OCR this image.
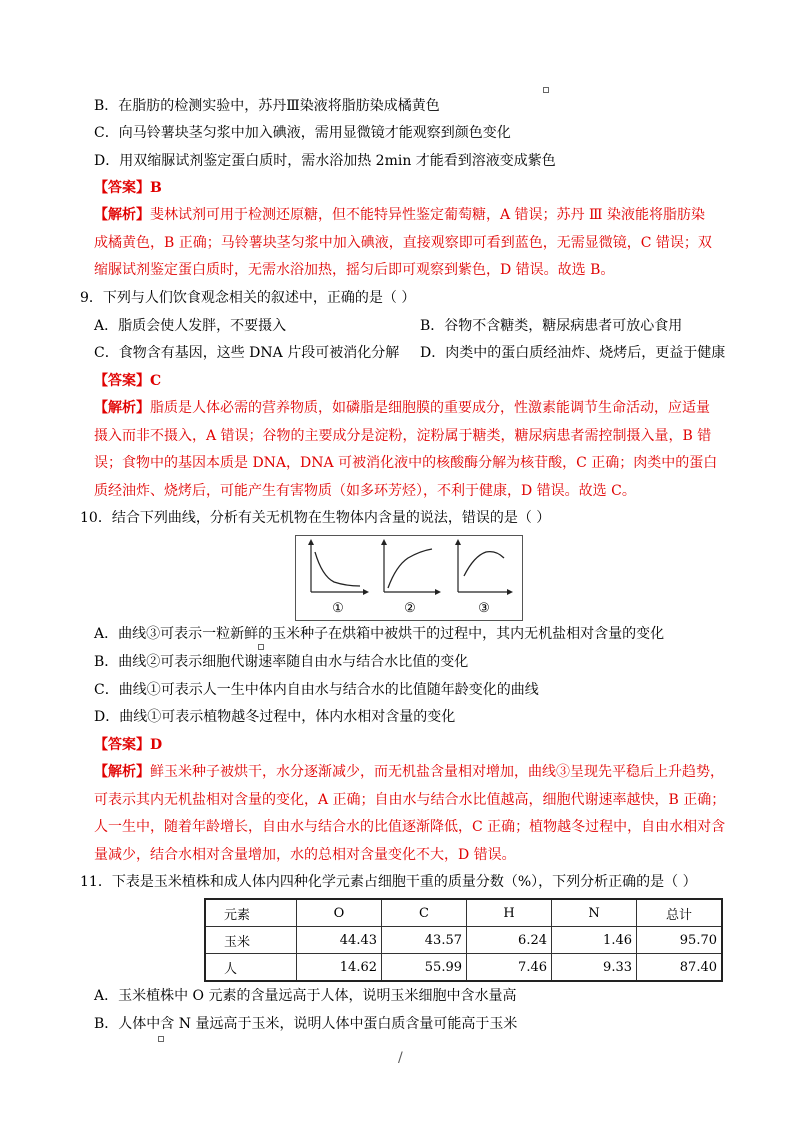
B．在脂肪的检测实验中，苏丹Ⅲ染液将脂肪染成橘黄色
C．向马铃薯块茎匀浆中加入碘液，需用显微镜才能观察到颜色变化
D．用双缩脲试剂鉴定蛋白质时，需水浴加热 2min 才能看到溶液变成紫色
【答案】B
【解析】斐林试剂可用于检测还原糖，但不能特异性鉴定葡萄糖，A 错误；苏丹 Ⅲ 染液能将脂肪染
成橘黄色，B 正确；马铃薯块茎匀浆中加入碘液，直接观察即可看到蓝色，无需显微镜，C 错误；双
缩脲试剂鉴定蛋白质时，无需水浴加热，摇匀后即可观察到紫色，D 错误。故选 B。
9．下列与人们饮食观念相关的叙述中，正确的是（ ）
A．脂质会使人发胖，不要摄入	B．谷物不含糖类，糖尿病患者可放心食用
C．食物含有基因，这些 DNA 片段可被消化分解 D．肉类中的蛋白质经油炸、烧烤后，更益于健康
【答案】C
【解析】脂质是人体必需的营养物质，如磷脂是细胞膜的重要成分，性激素能调节生命活动，应适量
摄入而非不摄入，A 错误；谷物的主要成分是淀粉，淀粉属于糖类，糖尿病患者需控制摄入量，B 错
误；食物中的基因本质是 DNA，DNA 可被消化液中的核酸酶分解为核苷酸，C 正确；肉类中的蛋白
质经油炸、烧烤后，可能产生有害物质（如多环芳烃），不利于健康，D 错误。故选 C。
10．结合下列曲线，分析有关无机物在生物体内含量的说法，错误的是（ ）
①	②	③
A．曲线③可表示一粒新鲜的玉米种子在烘箱中被烘干的过程中，其内无机盐相对含量的变化
B．曲线②可表示细胞代谢速率随自由水与结合水比值的变化
C．曲线①可表示人一生中体内自由水与结合水的比值随年龄变化的曲线
D．曲线①可表示植物越冬过程中，体内水相对含量的变化
【答案】D
【解析】鲜玉米种子被烘干，水分逐渐减少，而无机盐含量相对增加，曲线③呈现先平稳后上升趋势，
可表示其内无机盐相对含量的变化，A 正确；自由水与结合水比值越高，细胞代谢速率越快，B 正确；
人一生中，随着年龄增长，自由水与结合水的比值逐渐降低，C 正确；植物越冬过程中，自由水相对含
量减少，结合水相对含量增加，水的总相对含量变化不大，D 错误。
11．下表是玉米植株和成人体内四种化学元素占细胞干重的质量分数（%），下列分析正确的是（ ）
元素	O	C	H	N	总计
玉米	44.43	43.57	6.24	1.46	95.70
人	14.62	55.99	7.46	9.33	87.40
A．玉米植株中 O 元素的含量远高于人体，说明玉米细胞中含水量高
B．人体中含 N 量远高于玉米，说明人体中蛋白质含量可能高于玉米
/
